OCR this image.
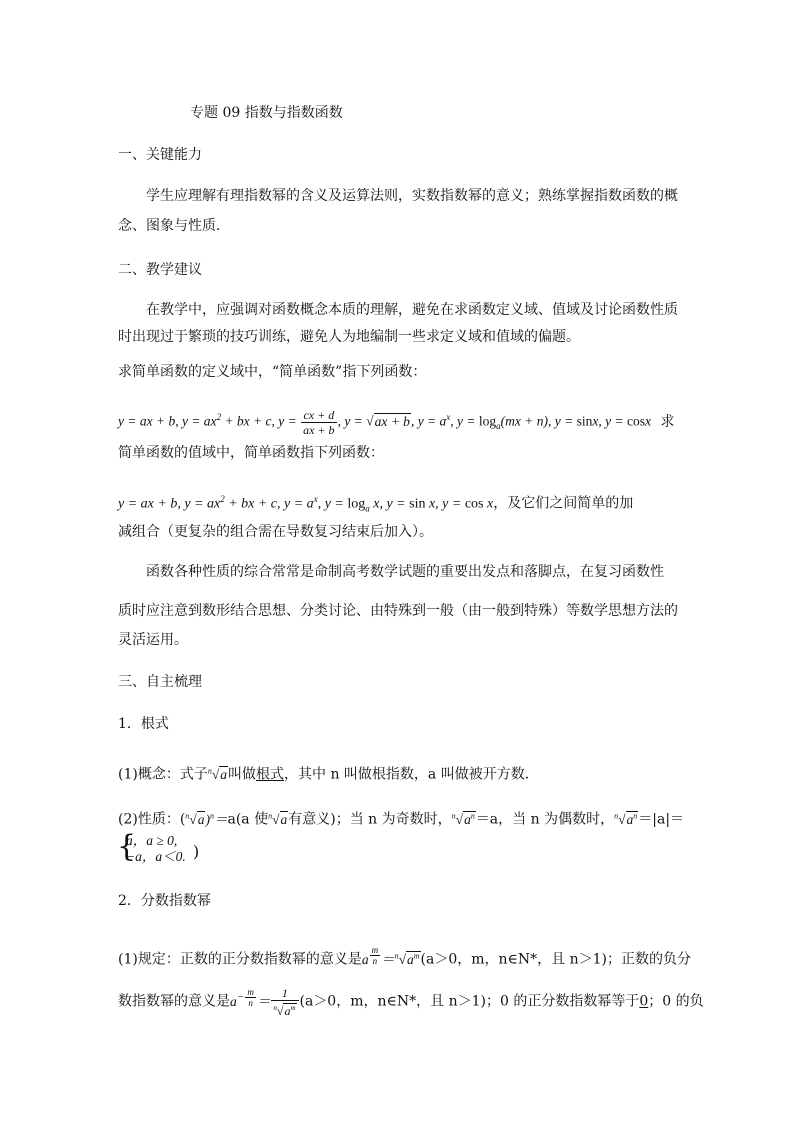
专题 09 指数与指数函数
一、关键能力
学生应理解有理指数幂的含义及运算法则，实数指数幂的意义；熟练掌握指数函数的概
念、图象与性质．
二、教学建议
在教学中，应强调对函数概念本质的理解，避免在求函数定义域、值域及讨论函数性质
时出现过于繁琐的技巧训练，避免人为地编制一些求定义域和值域的偏题。
求简单函数的定义域中，“简单函数”指下列函数：
y = ax + b, $y = ax^2$ + bx + c, $y = \frac{cx + d}{ax + b}$ , y = √ax + b, $y = a^x$, $y = \log_a(mx + n)$, y = sinx, y = cosx 求
简单函数的值域中，简单函数指下列函数：
y = ax + b, $y = ax^2$ + bx + c, $y = a^x$, $y = \log_a x$, y = sin x, y = cos x，及它们之间简单的加
减组合（更复杂的组合需在导数复习结束后加入）。
函数各种性质的综合常常是命制高考数学试题的重要出发点和落脚点，在复习函数性
质时应注意到数形结合思想、分类讨论、由特殊到一般（由一般到特殊）等数学思想方法的
灵活运用。
三、自主梳理
1．根式
(1)概念：式子$^n$√a叫做根式，其中 n 叫做根指数，a 叫做被开方数．
(2)性质：$(^n√a)^n=a(a$ 使$^n$√a有意义)；当 n 为奇数时，$^n√a^n=a$，当 n 为偶数时，$^n√a^n=|a|=$
{
a，a ≥ 0,
−a，a＜0. )
2．分数指数幂
(1)规定：正数的正分数指数幂的意义是a $^{\frac{m}{n}} =^n√a^m(a>0$，m，n∈N*，且 n＞1)；正数的负分
数指数幂的意义是$a^{- \frac{m}{n}} = \frac{1}{^n√a^m} (a>0$，m，n∈N*，且 n＞1)；0 的正分数指数幂等于0；0 的负
